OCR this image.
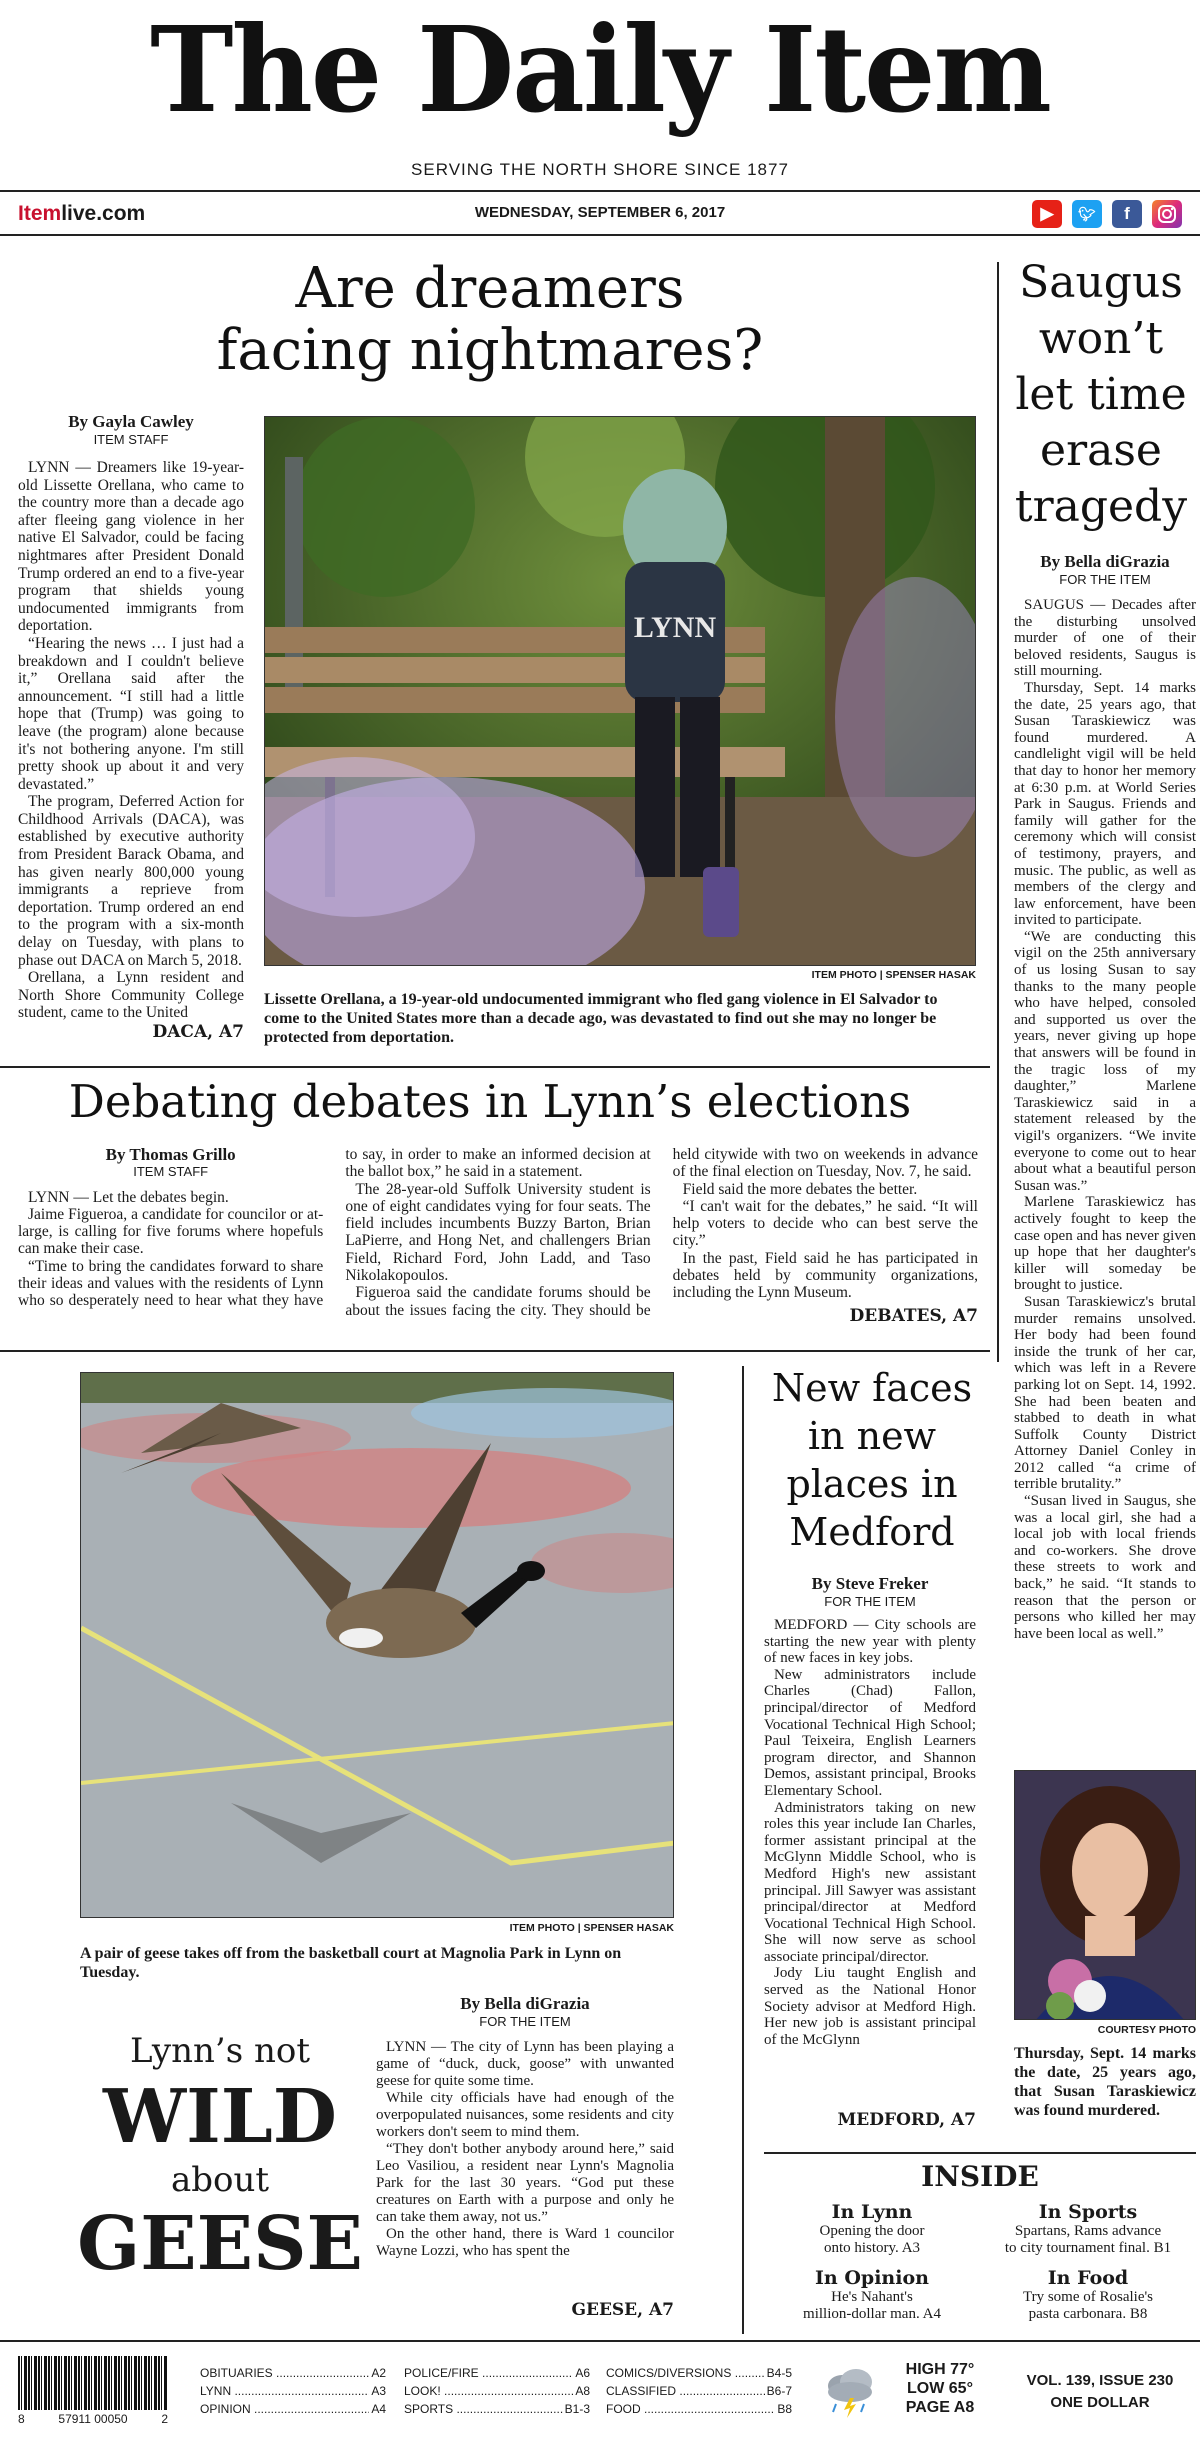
The Daily Item
SERVING THE NORTH SHORE SINCE 1877
Itemlive.com	WEDNESDAY, SEPTEMBER 6, 2017	▶	🐦︎	f
Are dreamers
facing nightmares?
By Gayla Cawley
ITEM STAFF

LYNN — Dreamers like 19-year-old Lissette Orellana, who came to the country more than a decade ago after fleeing gang violence in her native El Salvador, could be facing nightmares after President Donald Trump ordered an end to a five-year program that shields young undocumented immigrants from deportation.

“Hearing the news … I just had a breakdown and I couldn't believe it,” Orellana said after the announcement. “I still had a little hope that (Trump) was going to leave (the program) alone because it's not bothering anyone. I'm still pretty shook up about it and very devastated.”

The program, Deferred Action for Childhood Arrivals (DACA), was established by executive authority from President Barack Obama, and has given nearly 800,000 young immigrants a reprieve from deportation. Trump ordered an end to the program with a six-month delay on Tuesday, with plans to phase out DACA on March 5, 2018.

Orellana, a Lynn resident and North Shore Community College student, came to the United

DACA, A7
LYNN
ITEM PHOTO | SPENSER HASAK
Lissette Orellana, a 19-year-old undocumented immigrant who fled gang violence in El Salvador to come to the United States more than a decade ago, was devastated to find out she may no longer be protected from deportation.
Saugus
won’t
let time
erase
tragedy
By Bella diGrazia
FOR THE ITEM

SAUGUS — Decades after the disturbing unsolved murder of one of their beloved residents, Saugus is still mourning.

Thursday, Sept. 14 marks the date, 25 years ago, that Susan Taraskiewicz was found murdered. A candlelight vigil will be held that day to honor her memory at 6:30 p.m. at World Series Park in Saugus. Friends and family will gather for the ceremony which will consist of testimony, prayers, and music. The public, as well as members of the clergy and law enforcement, have been invited to participate.

“We are conducting this vigil on the 25th anniversary of us losing Susan to say thanks to the many people who have helped, consoled and supported us over the years, never giving up hope that answers will be found in the tragic loss of my daughter,” Marlene Taraskiewicz said in a statement released by the vigil's organizers. “We invite everyone to come out to hear about what a beautiful person Susan was.”

Marlene Taraskiewicz has actively fought to keep the case open and has never given up hope that her daughter's killer will someday be brought to justice.

Susan Taraskiewicz's brutal murder remains unsolved. Her body had been found inside the trunk of her car, which was left in a Revere parking lot on Sept. 14, 1992. She had been beaten and stabbed to death in what Suffolk County District Attorney Daniel Conley in 2012 called “a crime of terrible brutality.”

“Susan lived in Saugus, she was a local girl, she had a local job with local friends and co-workers. She drove these streets to work and back,” he said. “It stands to reason that the person or persons who killed her may have been local as well.”

COURTESY PHOTO
Thursday, Sept. 14 marks the date, 25 years ago, that Susan Taraskiewicz was found murdered.
Debating debates in Lynn’s elections
By Thomas Grillo
ITEM STAFF

LYNN — Let the debates begin.

Jaime Figueroa, a candidate for councilor or at-large, is calling for five forums where hopefuls can make their case.

“Time to bring the candidates forward to share their ideas and values with the residents of Lynn who so desperately need to hear what they have to say, in order to make an informed decision at the ballot box,” he said in a statement.

The 28-year-old Suffolk University student is one of eight candidates vying for four seats. The field includes incumbents Buzzy Barton, Brian LaPierre, and Hong Net, and challengers Brian Field, Richard Ford, John Ladd, and Taso Nikolakopoulos.

Figueroa said the candidate forums should be about the issues facing the city. They should be held citywide with two on weekends in advance of the final election on Tuesday, Nov. 7, he said.

Field said the more debates the better.

“I can't wait for the debates,” he said. “It will help voters to decide who can best serve the city.”

In the past, Field said he has participated in debates held by community organizations, including the Lynn Museum.

DEBATES, A7
ITEM PHOTO | SPENSER HASAK
A pair of geese takes off from the basketball court at Magnolia Park in Lynn on Tuesday.
Lynn’s not
WILD
about
GEESE
By Bella diGrazia
FOR THE ITEM

LYNN — The city of Lynn has been playing a game of “duck, duck, goose” with unwanted geese for quite some time.

While city officials have had enough of the overpopulated nuisances, some residents and city workers don't seem to mind them.

“They don't bother anybody around here,” said Leo Vasiliou, a resident near Lynn's Magnolia Park for the last 30 years. “God put these creatures on Earth with a purpose and only he can take them away, not us.”

On the other hand, there is Ward 1 councilor Wayne Lozzi, who has spent the

GEESE, A7
New faces
in new
places in
Medford
By Steve Freker
FOR THE ITEM

MEDFORD — City schools are starting the new year with plenty of new faces in key jobs.

New administrators include Charles (Chad) Fallon, principal/director of Medford Vocational Technical High School; Paul Teixeira, English Learners program director, and Shannon Demos, assistant principal, Brooks Elementary School.

Administrators taking on new roles this year include Ian Charles, former assistant principal at the McGlynn Middle School, who is Medford High's new assistant principal. Jill Sawyer was assistant principal/director at Medford Vocational Technical High School. She will now serve as school associate principal/director.

Jody Liu taught English and served as the National Honor Society advisor at Medford High. Her new job is assistant principal of the McGlynn

MEDFORD, A7
INSIDE
In Lynn
Opening the door
onto history. A3
In Sports
Spartans, Rams advance
to city tournament final. B1
In Opinion
He's Nahant's
million-dollar man. A4
In Food
Try some of Rosalie's
pasta carbonara. B8
8	57911 00050	2
OBITUARIES .....	A2
LYNN .....	A3
OPINION .....	A4
POLICE/FIRE .....	A6
LOOK! .....	A8
SPORTS .....	B1-3
COMICS/DIVERSIONS .....	B4-5
CLASSIFIED .....	B6-7
FOOD .....	B8
HIGH 77°
LOW 65°
PAGE A8
VOL. 139, ISSUE 230
ONE DOLLAR
